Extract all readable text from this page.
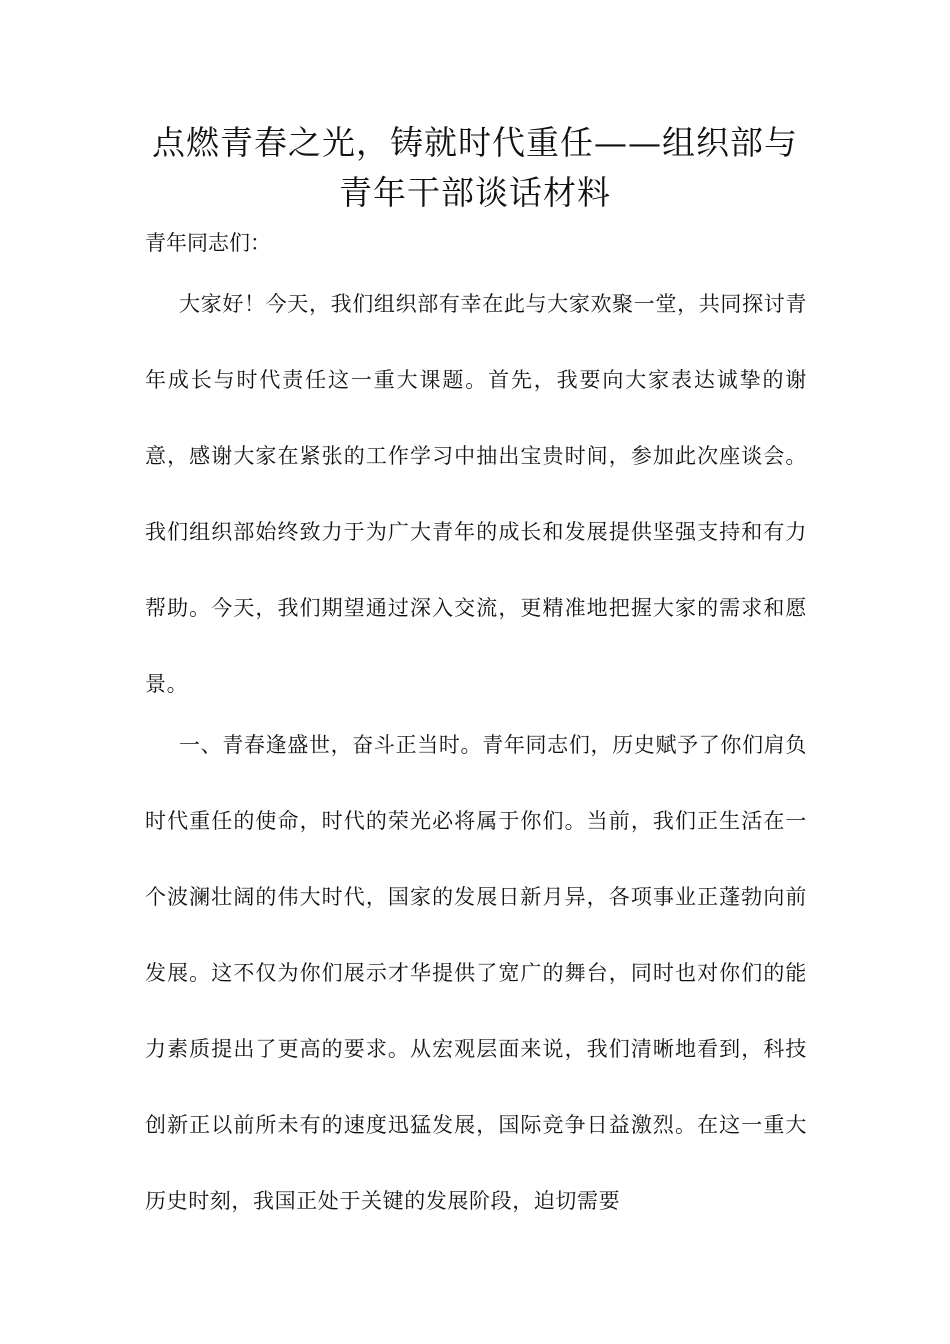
点燃青春之光，铸就时代重任——组织部与青年干部谈话材料

青年同志们：

大家好！今天，我们组织部有幸在此与大家欢聚一堂，共同探讨青年成长与时代责任这一重大课题。首先，我要向大家表达诚挚的谢意，感谢大家在紧张的工作学习中抽出宝贵时间，参加此次座谈会。我们组织部始终致力于为广大青年的成长和发展提供坚强支持和有力帮助。今天，我们期望通过深入交流，更精准地把握大家的需求和愿景。

一、青春逢盛世，奋斗正当时。青年同志们，历史赋予了你们肩负时代重任的使命，时代的荣光必将属于你们。当前，我们正生活在一个波澜壮阔的伟大时代，国家的发展日新月异，各项事业正蓬勃向前发展。这不仅为你们展示才华提供了宽广的舞台，同时也对你们的能力素质提出了更高的要求。从宏观层面来说，我们清晰地看到，科技创新正以前所未有的速度迅猛发展，国际竞争日益激烈。在这一重大历史时刻，我国正处于关键的发展阶段，迫切需要
